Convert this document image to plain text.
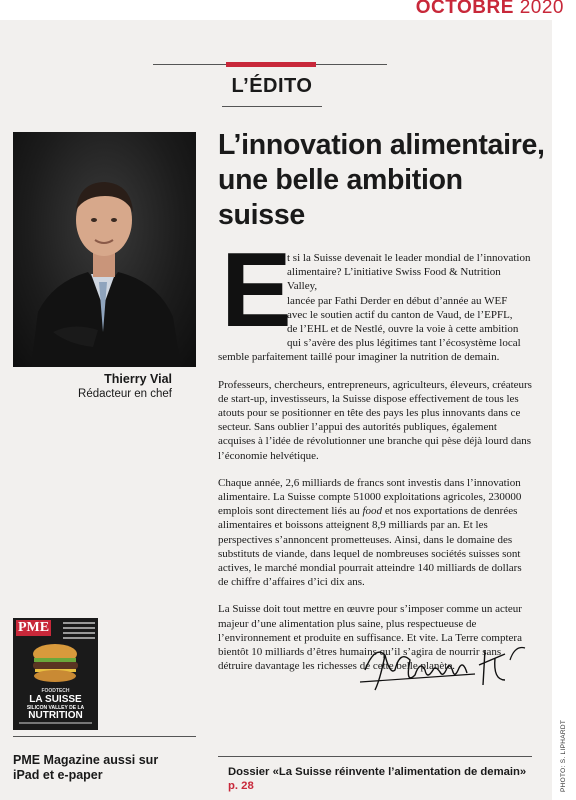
OCTOBRE 2020
L’ÉDITO
Thierry Vial
Rédacteur en chef
L’innovation alimentaire, une belle ambition suisse
E

t si la Suisse devenait le leader mondial de l’innovation
alimentaire? L’initiative Swiss Food & Nutrition Valley,
lancée par Fathi Derder en début d’année au WEF
avec le soutien actif du canton de Vaud, de l’EPFL,
de l’EHL et de Nestlé, ouvre la voie à cette ambition
qui s’avère des plus légitimes tant l’écosystème local
semble parfaitement taillé pour imaginer la nutrition de demain.

Professeurs, chercheurs, entrepreneurs, agriculteurs, éleveurs, créateurs de start-up, investisseurs, la Suisse dispose effectivement de tous les atouts pour se positionner en tête des pays les plus innovants dans ce secteur. Sans oublier l’appui des autorités publiques, également acquises à l’idée de révolutionner une branche qui pèse déjà lourd dans l’économie helvétique.

Chaque année, 2,6 milliards de francs sont investis dans l’innovation alimentaire. La Suisse compte 51000 exploitations agricoles, 230000 emplois sont directement liés au food et nos exportations de denrées alimentaires et boissons atteignent 8,9 milliards par an. Et les perspectives s’annoncent prometteuses. Ainsi, dans le domaine des substituts de viande, dans lequel de nombreuses sociétés suisses sont actives, le marché mondial pourrait atteindre 140 milliards de dollars de chiffre d’affaires d’ici dix ans.

La Suisse doit tout mettre en œuvre pour s’imposer comme un acteur majeur d’une alimentation plus saine, plus respectueuse de l’environnement et produite en suffisance. Et vite. La Terre comptera bientôt 10 milliards d’êtres humains qu’il s’agira de nourrir sans détruire davantage les richesses de cette belle planète.

PME
FOODTECH
LA SUISSE
SILICON VALLEY DE LA
NUTRITION
PME Magazine aussi sur iPad et e-paper	Dossier «La Suisse réinvente l’alimentation de demain»
p. 28	PHOTO: S. LIPHARDT
